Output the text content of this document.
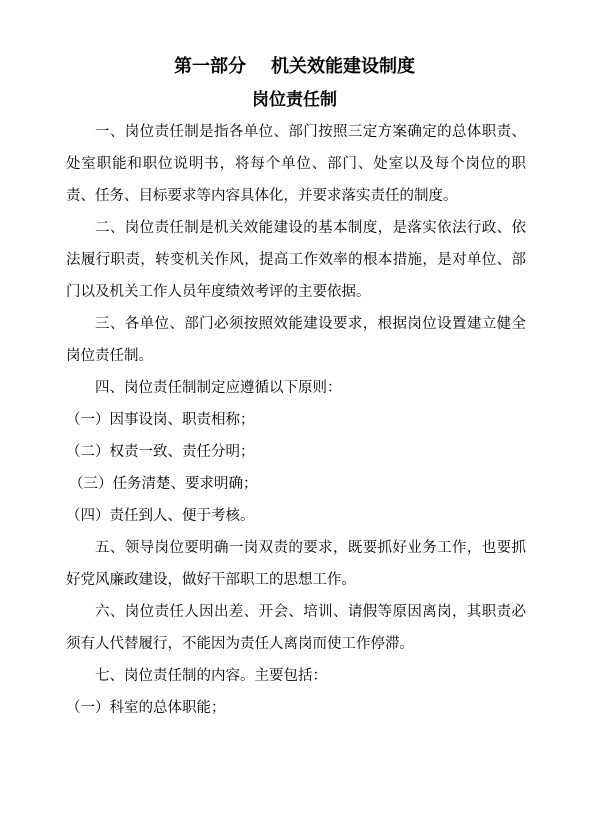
第一部分    机关效能建设制度
岗位责任制

一、岗位责任制是指各单位、部门按照三定方案确定的总体职责、处室职能和职位说明书，将每个单位、部门、处室以及每个岗位的职责、任务、目标要求等内容具体化，并要求落实责任的制度。

二、岗位责任制是机关效能建设的基本制度，是落实依法行政、依法履行职责，转变机关作风，提高工作效率的根本措施，是对单位、部门以及机关工作人员年度绩效考评的主要依据。

三、各单位、部门必须按照效能建设要求，根据岗位设置建立健全岗位责任制。

四、岗位责任制制定应遵循以下原则：

（一）因事设岗、职责相称；

（二）权责一致、责任分明；

（三）任务清楚、要求明确；

（四）责任到人、便于考核。

五、领导岗位要明确一岗双责的要求，既要抓好业务工作，也要抓好党风廉政建设，做好干部职工的思想工作。

六、岗位责任人因出差、开会、培训、请假等原因离岗，其职责必须有人代替履行，不能因为责任人离岗而使工作停滞。

七、岗位责任制的内容。主要包括：

（一）科室的总体职能；
